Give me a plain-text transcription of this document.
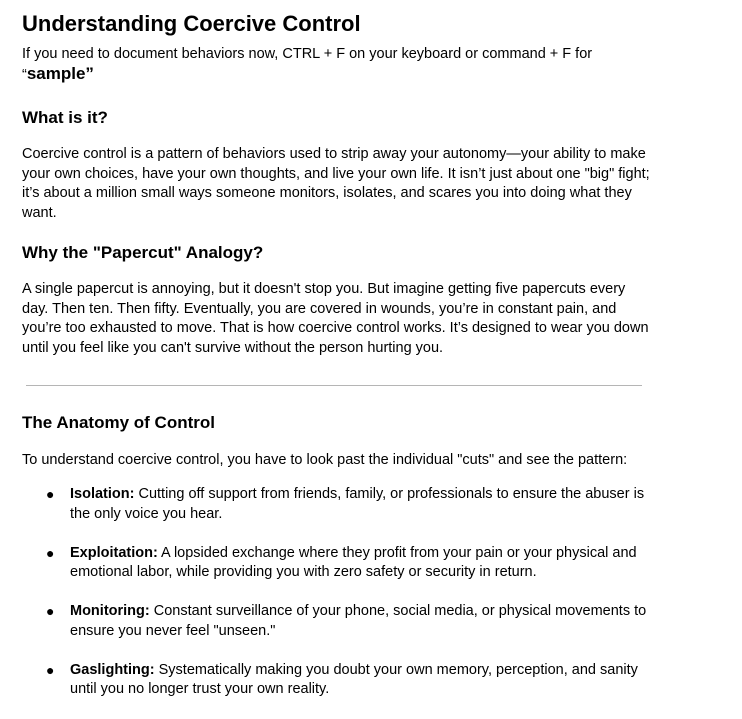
Understanding Coercive Control

If you need to document behaviors now, CTRL + F on your keyboard or command + F for “sample”

What is it?

Coercive control is a pattern of behaviors used to strip away your autonomy—your ability to make your own choices, have your own thoughts, and live your own life. It isn’t just about one "big" fight; it’s about a million small ways someone monitors, isolates, and scares you into doing what they want.

Why the "Papercut" Analogy?

A single papercut is annoying, but it doesn't stop you. But imagine getting five papercuts every day. Then ten. Then fifty. Eventually, you are covered in wounds, you’re in constant pain, and you’re too exhausted to move. That is how coercive control works. It’s designed to wear you down until you feel like you can't survive without the person hurting you.

The Anatomy of Control

To understand coercive control, you have to look past the individual "cuts" and see the pattern:

● Isolation: Cutting off support from friends, family, or professionals to ensure the abuser is the only voice you hear.
● Exploitation: A lopsided exchange where they profit from your pain or your physical and emotional labor, while providing you with zero safety or security in return.
● Monitoring: Constant surveillance of your phone, social media, or physical movements to ensure you never feel "unseen."
● Gaslighting: Systematically making you doubt your own memory, perception, and sanity until you no longer trust your own reality.
